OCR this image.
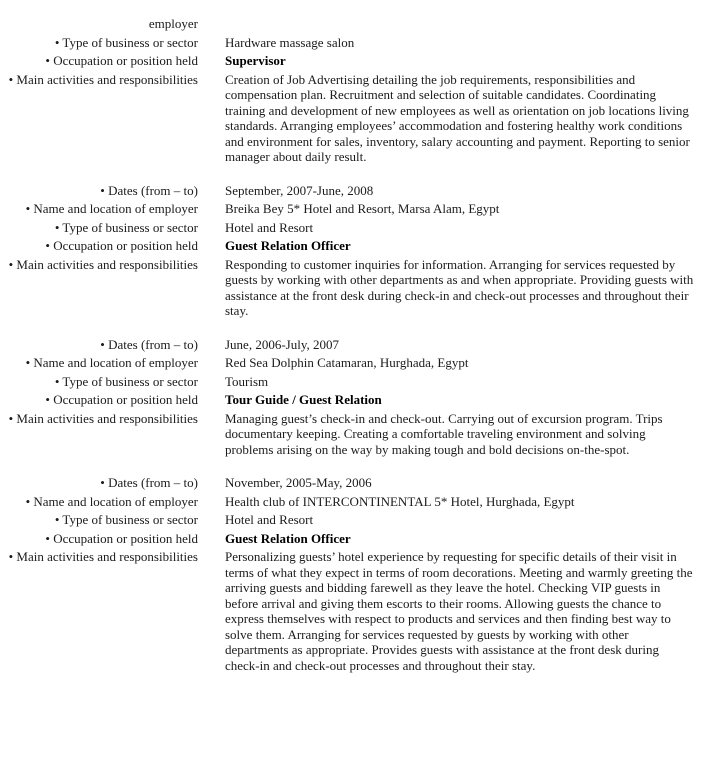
employer
• Type of business or sector Hardware massage salon
• Occupation or position held Supervisor
• Main activities and responsibilities Creation of Job Advertising detailing the job requirements, responsibilities and compensation plan. Recruitment and selection of suitable candidates. Coordinating training and development of new employees as well as orientation on job locations living standards. Arranging employees’ accommodation and fostering healthy work conditions and environment for sales, inventory, salary accounting and payment. Reporting to senior manager about daily result.
• Dates (from – to) September, 2007-June, 2008
• Name and location of employer Breika Bey 5* Hotel and Resort, Marsa Alam, Egypt
• Type of business or sector Hotel and Resort
• Occupation or position held Guest Relation Officer
• Main activities and responsibilities Responding to customer inquiries for information. Arranging for services requested by guests by working with other departments as and when appropriate. Providing guests with assistance at the front desk during check-in and check-out processes and throughout their stay.
• Dates (from – to) June, 2006-July, 2007
• Name and location of employer Red Sea Dolphin Catamaran, Hurghada, Egypt
• Type of business or sector Tourism
• Occupation or position held Tour Guide / Guest Relation
• Main activities and responsibilities Managing guest’s check-in and check-out. Carrying out of excursion program. Trips documentary keeping. Creating a comfortable traveling environment and solving problems arising on the way by making tough and bold decisions on-the-spot.
• Dates (from – to) November, 2005-May, 2006
• Name and location of employer Health club of INTERCONTINENTAL 5* Hotel, Hurghada, Egypt
• Type of business or sector Hotel and Resort
• Occupation or position held Guest Relation Officer
• Main activities and responsibilities Personalizing guests’ hotel experience by requesting for specific details of their visit in terms of what they expect in terms of room decorations. Meeting and warmly greeting the arriving guests and bidding farewell as they leave the hotel. Checking VIP guests in before arrival and giving them escorts to their rooms. Allowing guests the chance to express themselves with respect to products and services and then finding best way to solve them. Arranging for services requested by guests by working with other departments as appropriate. Provides guests with assistance at the front desk during check-in and check-out processes and throughout their stay.
